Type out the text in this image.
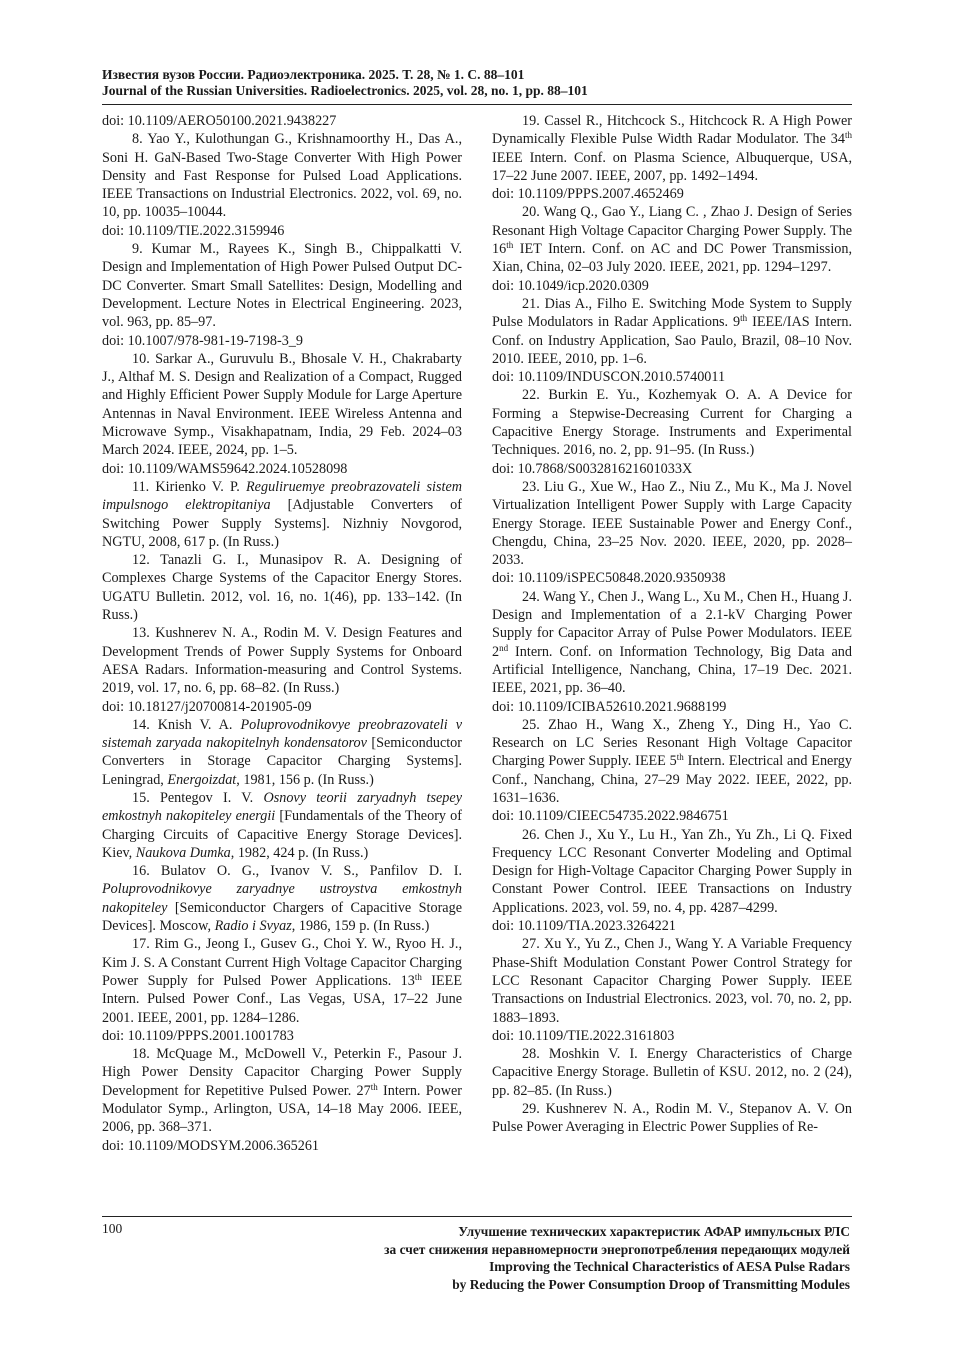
Известия вузов России. Радиоэлектроника. 2025. Т. 28, № 1. С. 88–101
Journal of the Russian Universities. Radioelectronics. 2025, vol. 28, no. 1, pp. 88–101

doi: 10.1109/AERO50100.2021.9438227

8. Yao Y., Kulothungan G., Krishnamoorthy H., Das A., Soni H. GaN-Based Two-Stage Converter With High Power Density and Fast Response for Pulsed Load Applications. IEEE Transactions on Industrial Electronics. 2022, vol. 69, no. 10, pp. 10035–10044.

doi: 10.1109/TIE.2022.3159946

9. Kumar M., Rayees K., Singh B., Chippalkatti V. Design and Implementation of High Power Pulsed Output DC-DC Converter. Smart Small Satellites: Design, Modelling and Development. Lecture Notes in Electrical Engineering. 2023, vol. 963, pp. 85–97.

doi: 10.1007/978-981-19-7198-3_9

10. Sarkar A., Guruvulu B., Bhosale V. H., Chakrabarty J., Althaf M. S. Design and Realization of a Compact, Rugged and Highly Efficient Power Supply Module for Large Aperture Antennas in Naval Environment. IEEE Wireless Antenna and Microwave Symp., Visakhapatnam, India, 29 Feb. 2024–03 March 2024. IEEE, 2024, pp. 1–5.

doi: 10.1109/WAMS59642.2024.10528098

11. Kirienko V. P. Reguliruemye preobrazovateli sistem impulsnogo elektropitaniya [Adjustable Converters of Switching Power Supply Systems]. Nizhniy Novgorod, NGTU, 2008, 617 p. (In Russ.)

12. Tanazli G. I., Munasipov R. A. Designing of Complexes Charge Systems of the Capacitor Energy Stores. UGATU Bulletin. 2012, vol. 16, no. 1(46), pp. 133–142. (In Russ.)

13. Kushnerev N. A., Rodin M. V. Design Features and Development Trends of Power Supply Systems for Onboard AESA Radars. Information-measuring and Control Systems. 2019, vol. 17, no. 6, pp. 68–82. (In Russ.)

doi: 10.18127/j20700814-201905-09

14. Knish V. A. Poluprovodnikovye preobrazovateli v sistemah zaryada nakopitelnyh kondensatorov [Semiconductor Converters in Storage Capacitor Charging Systems]. Leningrad, Energoizdat, 1981, 156 p. (In Russ.)

15. Pentegov I. V. Osnovy teorii zaryadnyh tsepey emkostnyh nakopiteley energii [Fundamentals of the Theory of Charging Circuits of Capacitive Energy Storage Devices]. Kiev, Naukova Dumka, 1982, 424 p. (In Russ.)

16. Bulatov O. G., Ivanov V. S., Panfilov D. I. Poluprovodnikovye zaryadnye ustroystva emkostnyh nakopiteley [Semiconductor Chargers of Capacitive Storage Devices]. Moscow, Radio i Svyaz, 1986, 159 p. (In Russ.)

17. Rim G., Jeong I., Gusev G., Choi Y. W., Ryoo H. J., Kim J. S. A Constant Current High Voltage Capacitor Charging Power Supply for Pulsed Power Applications. 13th IEEE Intern. Pulsed Power Conf., Las Vegas, USA, 17–22 June 2001. IEEE, 2001, pp. 1284–1286.

doi: 10.1109/PPPS.2001.1001783

18. McQuage M., McDowell V., Peterkin F., Pasour J. High Power Density Capacitor Charging Power Supply Development for Repetitive Pulsed Power. 27th Intern. Power Modulator Symp., Arlington, USA, 14–18 May 2006. IEEE, 2006, pp. 368–371.

doi: 10.1109/MODSYM.2006.365261

19. Cassel R., Hitchcock S., Hitchcock R. A High Power Dynamically Flexible Pulse Width Radar Modulator. The 34th IEEE Intern. Conf. on Plasma Science, Albuquerque, USA, 17–22 June 2007. IEEE, 2007, pp. 1492–1494.

doi: 10.1109/PPPS.2007.4652469

20. Wang Q., Gao Y., Liang C. , Zhao J. Design of Series Resonant High Voltage Capacitor Charging Power Supply. The 16th IET Intern. Conf. on AC and DC Power Transmission, Xian, China, 02–03 July 2020. IEEE, 2021, pp. 1294–1297.

doi: 10.1049/icp.2020.0309

21. Dias A., Filho E. Switching Mode System to Supply Pulse Modulators in Radar Applications. 9th IEEE/IAS Intern. Conf. on Industry Application, Sao Paulo, Brazil, 08–10 Nov. 2010. IEEE, 2010, pp. 1–6.

doi: 10.1109/INDUSCON.2010.5740011

22. Burkin E. Yu., Kozhemyak O. A. A Device for Forming a Stepwise-Decreasing Current for Charging a Capacitive Energy Storage. Instruments and Experimental Techniques. 2016, no. 2, pp. 91–95. (In Russ.)

doi: 10.7868/S003281621601033X

23. Liu G., Xue W., Hao Z., Niu Z., Mu K., Ma J. Novel Virtualization Intelligent Power Supply with Large Capacity Energy Storage. IEEE Sustainable Power and Energy Conf., Chengdu, China, 23–25 Nov. 2020. IEEE, 2020, pp. 2028–2033.

doi: 10.1109/iSPEC50848.2020.9350938

24. Wang Y., Chen J., Wang L., Xu M., Chen H., Huang J. Design and Implementation of a 2.1-kV Charging Power Supply for Capacitor Array of Pulse Power Modulators. IEEE 2nd Intern. Conf. on Information Technology, Big Data and Artificial Intelligence, Nanchang, China, 17–19 Dec. 2021. IEEE, 2021, pp. 36–40.

doi: 10.1109/ICIBA52610.2021.9688199

25. Zhao H., Wang X., Zheng Y., Ding H., Yao C. Research on LC Series Resonant High Voltage Capacitor Charging Power Supply. IEEE 5th Intern. Electrical and Energy Conf., Nanchang, China, 27–29 May 2022. IEEE, 2022, pp. 1631–1636.

doi: 10.1109/CIEEC54735.2022.9846751

26. Chen J., Xu Y., Lu H., Yan Zh., Yu Zh., Li Q. Fixed Frequency LCC Resonant Converter Modeling and Optimal Design for High-Voltage Capacitor Charging Power Supply in Constant Power Control. IEEE Transactions on Industry Applications. 2023, vol. 59, no. 4, pp. 4287–4299.

doi: 10.1109/TIA.2023.3264221

27. Xu Y., Yu Z., Chen J., Wang Y. A Variable Frequency Phase-Shift Modulation Constant Power Control Strategy for LCC Resonant Capacitor Charging Power Supply. IEEE Transactions on Industrial Electronics. 2023, vol. 70, no. 2, pp. 1883–1893.

doi: 10.1109/TIE.2022.3161803

28. Moshkin V. I. Energy Characteristics of Charge Capacitive Energy Storage. Bulletin of KSU. 2012, no. 2 (24), pp. 82–85. (In Russ.)

29. Kushnerev N. A., Rodin M. V., Stepanov A. V. On Pulse Power Averaging in Electric Power Supplies of Re-

100	Улучшение технических характеристик АФАР импульсных РЛС
за счет снижения неравномерности энергопотребления передающих модулей
Improving the Technical Characteristics of AESA Pulse Radars
by Reducing the Power Consumption Droop of Transmitting Modules
